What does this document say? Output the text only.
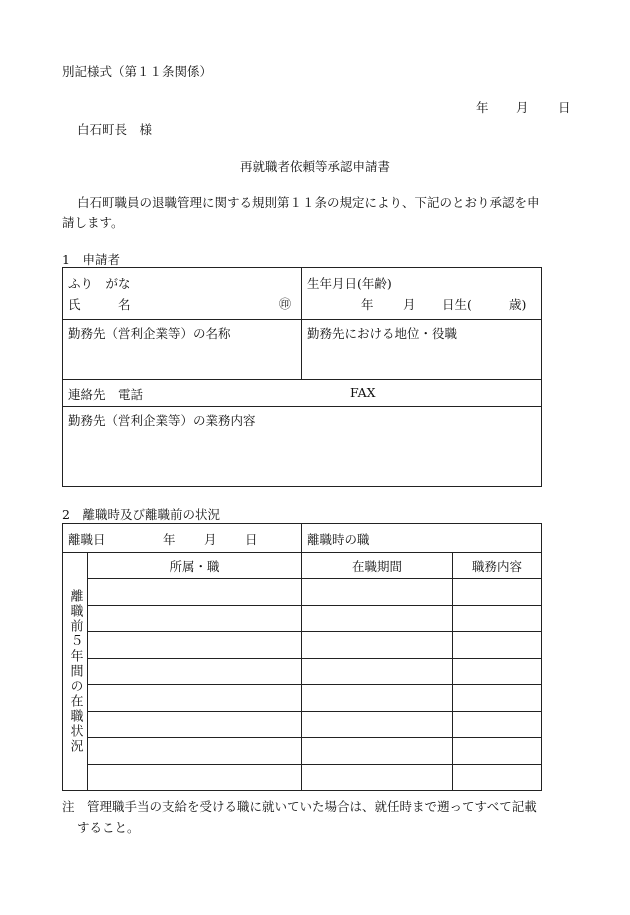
別記様式（第１１条関係）
年 月 日
白石町長　様
再就職者依頼等承認申請書
白石町職員の退職管理に関する規則第１１条の規定により、下記のとおり承認を申
請します。
1　申請者
ふり　がな
氏　　　名 ㊞	生年月日(年齢)
年 月 日生( 歳)

勤務先（営利企業等）の名称	勤務先における地位・役職

連絡先　電話 FAX	

勤務先（営利企業等）の業務内容	
2　離職時及び離職前の状況
離職日 年 月 日		離職時の職	

離職前５年間の在職状況	所属・職	在職期間	職務内容

注　管理職手当の支給を受ける職に就いていた場合は、就任時まで遡ってすべて記載
すること。
